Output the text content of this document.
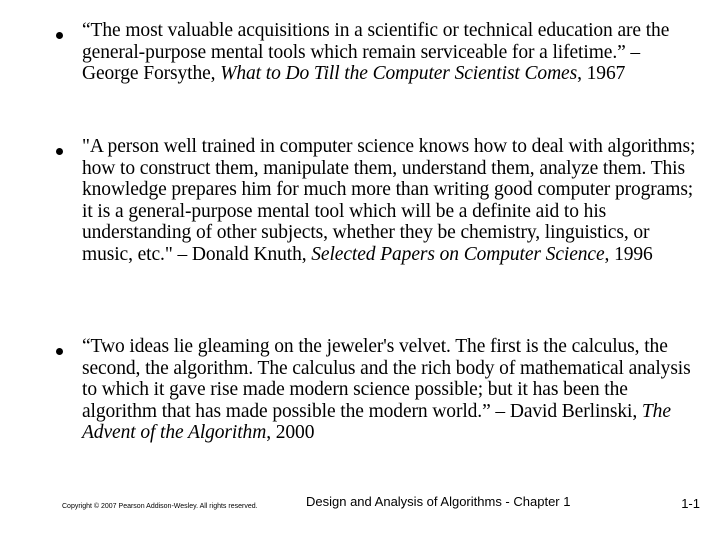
“The most valuable acquisitions in a scientific or technical education are the general-purpose mental tools which remain serviceable for a lifetime.” – George Forsythe, What to Do Till the Computer Scientist Comes, 1967
"A person well trained in computer science knows how to deal with algorithms; how to construct them, manipulate them, understand them, analyze them. This knowledge prepares him for much more than writing good computer programs; it is a general-purpose mental tool which will be a definite aid to his understanding of other subjects, whether they be chemistry, linguistics, or music, etc." – Donald Knuth, Selected Papers on Computer Science, 1996
“Two ideas lie gleaming on the jeweler's velvet. The first is the calculus, the second, the algorithm. The calculus and the rich body of mathematical analysis to which it gave rise made modern science possible; but it has been the algorithm that has made possible the modern world.” – David Berlinski, The Advent of the Algorithm, 2000
Copyright © 2007 Pearson Addison-Wesley. All rights reserved.	Design and Analysis of Algorithms - Chapter 1	1-1
